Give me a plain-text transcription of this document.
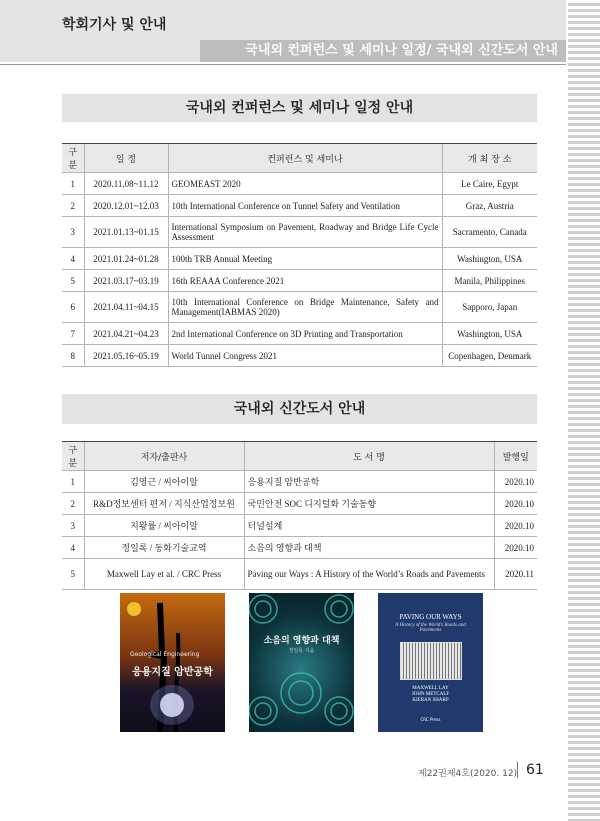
학회기사 및 안내
국내외 컨퍼런스 및 세미나 일정/ 국내외 신간도서 안내
국내외 컨퍼런스 및 세미나 일정 안내
구분	일 정	컨퍼런스 및 세미나	개 최 장 소
1	2020.11.08~11.12	GEOMEAST 2020	Le Caire, Egypt
2	2020.12.01~12.03	10th International Conference on Tunnel Safety and Ventilation	Graz, Austria
3	2021.01.13~01.15	International Symposium on Pavement, Roadway and Bridge Life Cycle Assessment	Sacramento, Canada
4	2021.01.24~01.28	100th TRB Annual Meeting	Washington, USA
5	2021.03.17~03.19	16th REAAA Conference 2021	Manila, Philippines
6	2021.04.11~04.15	10th International Conference on Bridge Maintenance, Safety and Management(IABMAS 2020)	Sapporo, Japan
7	2021.04.21~04.23	2nd International Conference on 3D Printing and Transportation	Washington, USA
8	2021.05.16~05.19	World Tunnel Congress 2021	Copenhagen, Denmark
국내외 신간도서 안내
구분	저자/출판사	도 서 명	발행일
1	김영근 / 씨아이알	응용지질 암반공학	2020.10
2	R&D정보센터 편저 / 지식산업정보원	국민안전 SOC 디지털화 기술동향	2020.10
3	지왕률 / 씨아이알	터널설계	2020.10
4	정일록 / 동화기술교역	소음의 영향과 대책	2020.10
5	Maxwell Lay et al. / CRC Press	Paving our Ways : A History of the World’s Roads and Pavements	2020.11
Geological Engineering
응용지질 암반공학
소음의 영향과 대책
정일록 지음
PAVING OUR WAYS
A History of the World's Roads and Pavements
MAXWELL LAY
JOHN METCALF
KIERAN SHARP
CRC Press
제22권제4호(2020. 12) 61
